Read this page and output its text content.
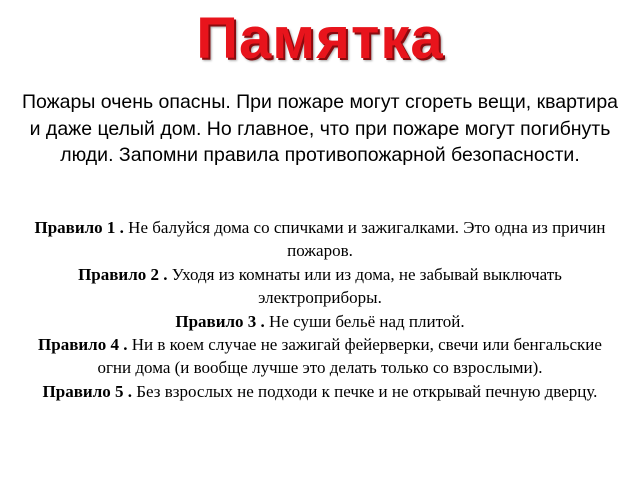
Памятка

Пожары очень опасны. При пожаре могут сгореть вещи, квартира и даже целый дом. Но главное, что при пожаре могут погибнуть люди. Запомни правила противопожарной безопасности.

Правило 1 . Не балуйся дома со спичками и зажигалками. Это одна из причин пожаров.

Правило 2 . Уходя из комнаты или из дома, не забывай выключать электроприборы.

Правило 3 . Не суши бельё над плитой.

Правило 4 . Ни в коем случае не зажигай фейерверки, свечи или бенгальские огни дома (и вообще лучше это делать только со взрослыми).

Правило 5 . Без взрослых не подходи к печке и не открывай печную дверцу.
